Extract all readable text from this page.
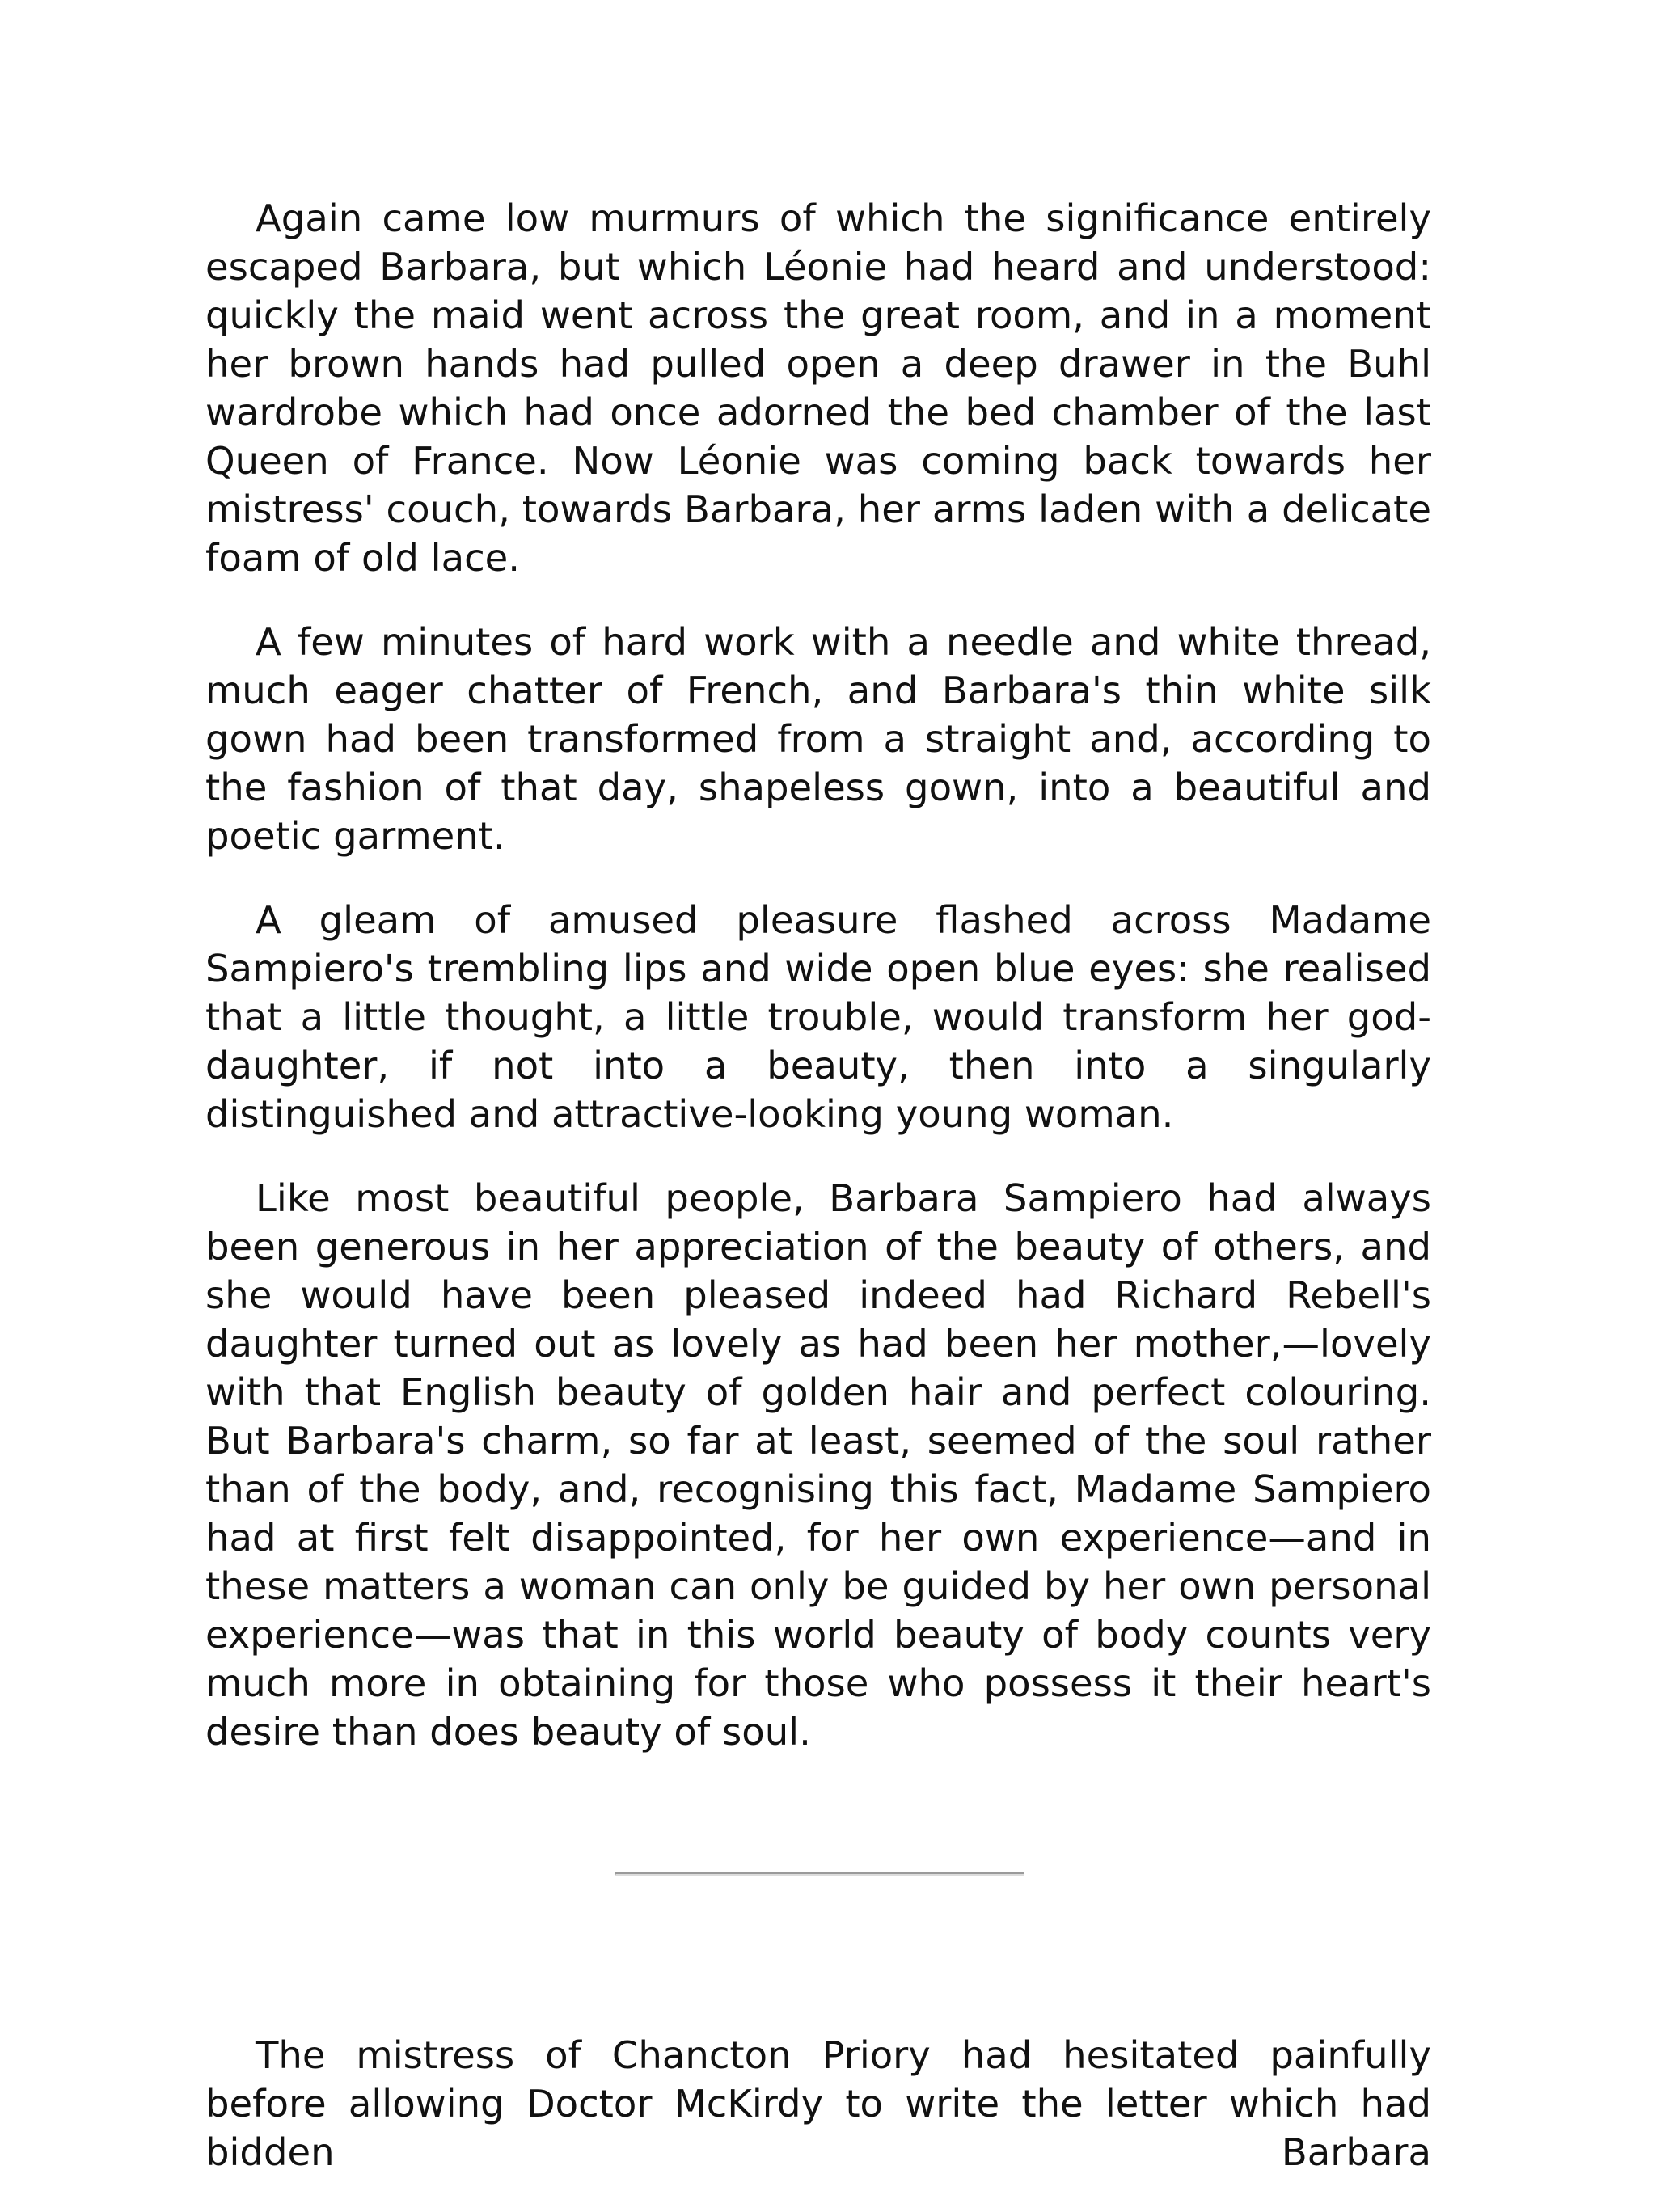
Again came low murmurs of which the significance entirely escaped Barbara, but which Léonie had heard and understood: quickly the maid went across the great room, and in a moment her brown hands had pulled open a deep drawer in the Buhl wardrobe which had once adorned the bed chamber of the last Queen of France. Now Léonie was coming back towards her mistress' couch, towards Barbara, her arms laden with a delicate foam of old lace.

A few minutes of hard work with a needle and white thread, much eager chatter of French, and Barbara's thin white silk gown had been transformed from a straight and, according to the fashion of that day, shapeless gown, into a beautiful and poetic garment.

A gleam of amused pleasure flashed across Madame Sampiero's trembling lips and wide open blue eyes: she realised that a little thought, a little trouble, would transform her god-daughter, if not into a beauty, then into a singularly distinguished and attractive-looking young woman.

Like most beautiful people, Barbara Sampiero had always been generous in her appreciation of the beauty of others, and she would have been pleased indeed had Richard Rebell's daughter turned out as lovely as had been her mother,—lovely with that English beauty of golden hair and perfect colouring. But Barbara's charm, so far at least, seemed of the soul rather than of the body, and, recognising this fact, Madame Sampiero had at first felt disappointed, for her own experience—and in these matters a woman can only be guided by her own personal experience—was that in this world beauty of body counts very much more in obtaining for those who possess it their heart's desire than does beauty of soul.

The mistress of Chancton Priory had hesitated painfully before allowing Doctor McKirdy to write the letter which had bidden Barbara
